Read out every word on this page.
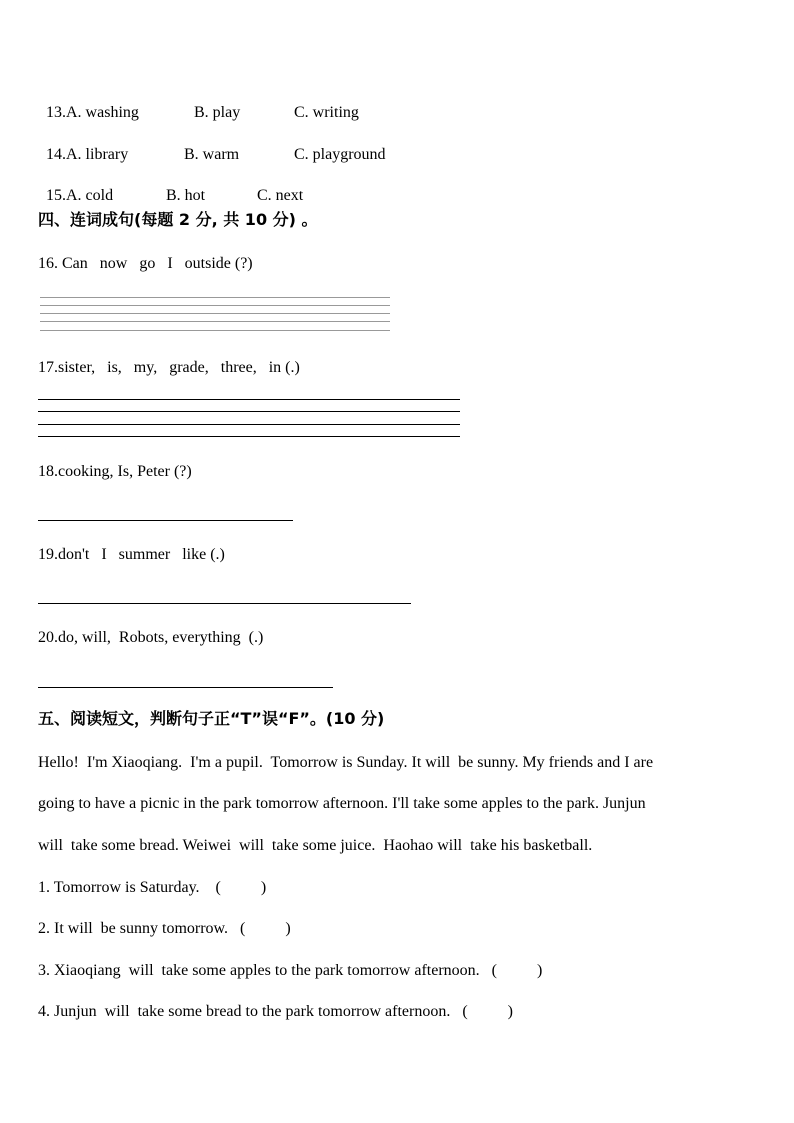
13.A. washing	B. play	C. writing

14.A. library	B. warm	C. playground

15.A. cold	B. hot	C. next

四、连词成句(每题 2 分, 共 10 分) 。
16. Can   now   go   I   outside (?)
17.sister,   is,   my,   grade,   three,   in (.)
18.cooking, Is, Peter (?)
19.don't   I   summer   like (.)
20.do, will,  Robots, everything  (.)
五、阅读短文，判断句子正“T”误“F”。(10 分)
Hello!  I'm Xiaoqiang.  I'm a pupil.  Tomorrow is Sunday. It will  be sunny. My friends and I are
going to have a picnic in the park tomorrow afternoon. I'll take some apples to the park. Junjun
will  take some bread. Weiwei  will  take some juice.  Haohao will  take his basketball.
1. Tomorrow is Saturday.    (          )
2. It will  be sunny tomorrow.   (          )
3. Xiaoqiang  will  take some apples to the park tomorrow afternoon.   (          )
4. Junjun  will  take some bread to the park tomorrow afternoon.   (          )
